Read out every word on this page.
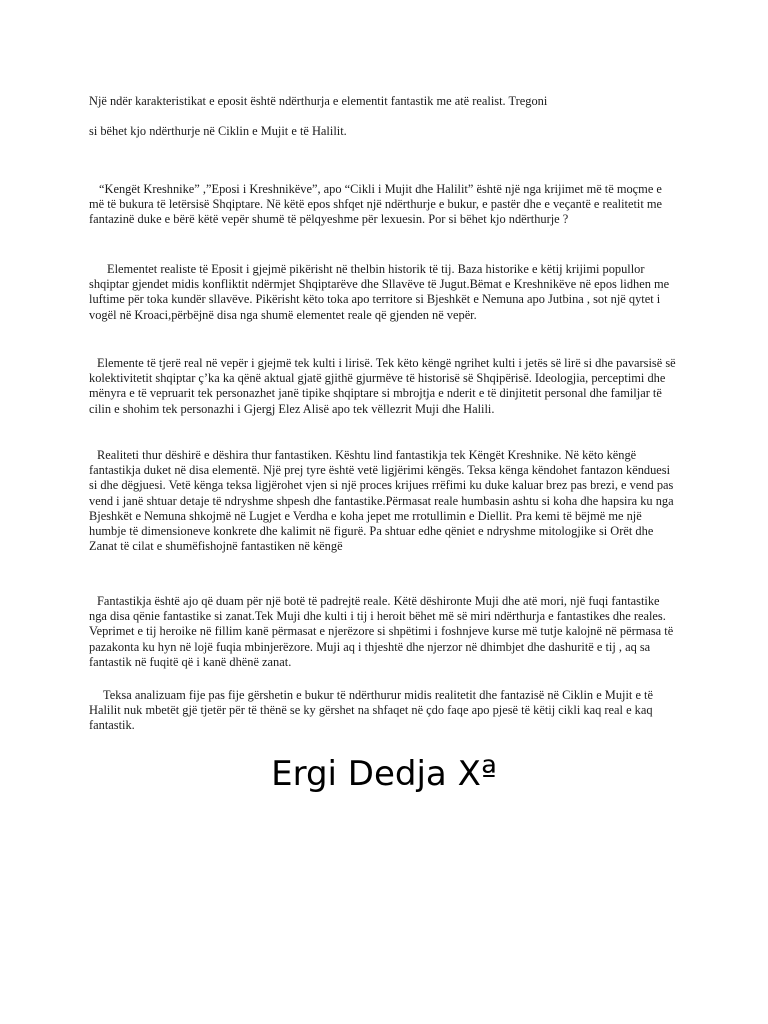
Një ndër karakteristikat e eposit është ndërthurja e elementit fantastik me atë realist. Tregoni

si bëhet kjo ndërthurje në Ciklin e Mujit e të Halilit.

“Kengët Kreshnike” ,”Eposi i Kreshnikëve”, apo “Cikli i Mujit dhe Halilit” është një nga krijimet më të moçme e më të bukura të letërsisë Shqiptare. Në këtë epos shfqet një ndërthurje e bukur, e pastër dhe e veçantë e realitetit me fantazinë duke e bërë këtë vepër shumë të pëlqyeshme për lexuesin. Por si bëhet kjo ndërthurje ?

Elementet realiste të Eposit i gjejmë pikërisht në thelbin historik të tij. Baza historike e këtij krijimi popullor shqiptar gjendet midis konfliktit ndërmjet Shqiptarëve dhe Sllavëve të Jugut.Bëmat e Kreshnikëve në epos lidhen me luftime për toka kundër sllavëve. Pikërisht këto toka apo territore si Bjeshkët e Nemuna apo Jutbina , sot një qytet i vogël në Kroaci,përbëjnë disa nga shumë elementet reale që gjenden në vepër.

Elemente të tjerë real në vepër i gjejmë tek kulti i lirisë. Tek këto këngë ngrihet kulti i jetës së lirë si dhe pavarsisë së kolektivitetit shqiptar ç’ka ka qënë aktual gjatë gjithë gjurmëve të historisë së Shqipërisë. Ideologjia, perceptimi dhe mënyra e të vepruarit tek personazhet janë tipike shqiptare si mbrojtja e nderit e të dinjitetit personal dhe familjar të cilin e shohim tek personazhi i Gjergj Elez Alisë apo tek vëllezrit Muji dhe Halili.

Realiteti thur dëshirë e dëshira thur fantastiken. Kështu lind fantastikja tek Këngët Kreshnike. Në këto këngë fantastikja duket në disa elementë. Një prej tyre është vetë ligjërimi këngës. Teksa kënga këndohet fantazon kënduesi si dhe dëgjuesi. Vetë kënga teksa ligjërohet vjen si një proces krijues rrëfimi ku duke kaluar brez pas brezi, e vend pas vend i janë shtuar detaje të ndryshme shpesh dhe fantastike.Përmasat reale humbasin ashtu si koha dhe hapsira ku nga Bjeshkët e Nemuna shkojmë në Lugjet e Verdha e koha jepet me rrotullimin e Diellit. Pra kemi të bëjmë me një humbje të dimensioneve konkrete dhe kalimit në figurë. Pa shtuar edhe qëniet e ndryshme mitologjike si Orët dhe Zanat të cilat e shumëfishojnë fantastiken në këngë

Fantastikja është ajo që duam për një botë të padrejtë reale. Këtë dëshironte Muji dhe atë mori, një fuqi fantastike nga disa qënie fantastike si zanat.Tek Muji dhe kulti i tij i heroit bëhet më së miri ndërthurja e fantastikes dhe reales. Veprimet e tij heroike në fillim kanë përmasat e njerëzore si shpëtimi i foshnjeve kurse më tutje kalojnë në përmasa të pazakonta ku hyn në lojë fuqia mbinjerëzore. Muji aq i thjeshtë dhe njerzor në dhimbjet dhe dashuritë e tij , aq sa fantastik në fuqitë që i kanë dhënë zanat.

Teksa analizuam fije pas fije gërshetin e bukur të ndërthurur midis realitetit dhe fantazisë në Ciklin e Mujit e të Halilit nuk mbetët gjë tjetër për të thënë se ky gërshet na shfaqet në çdo faqe apo pjesë të këtij cikli kaq real e kaq fantastik.

Ergi Dedja Xª
